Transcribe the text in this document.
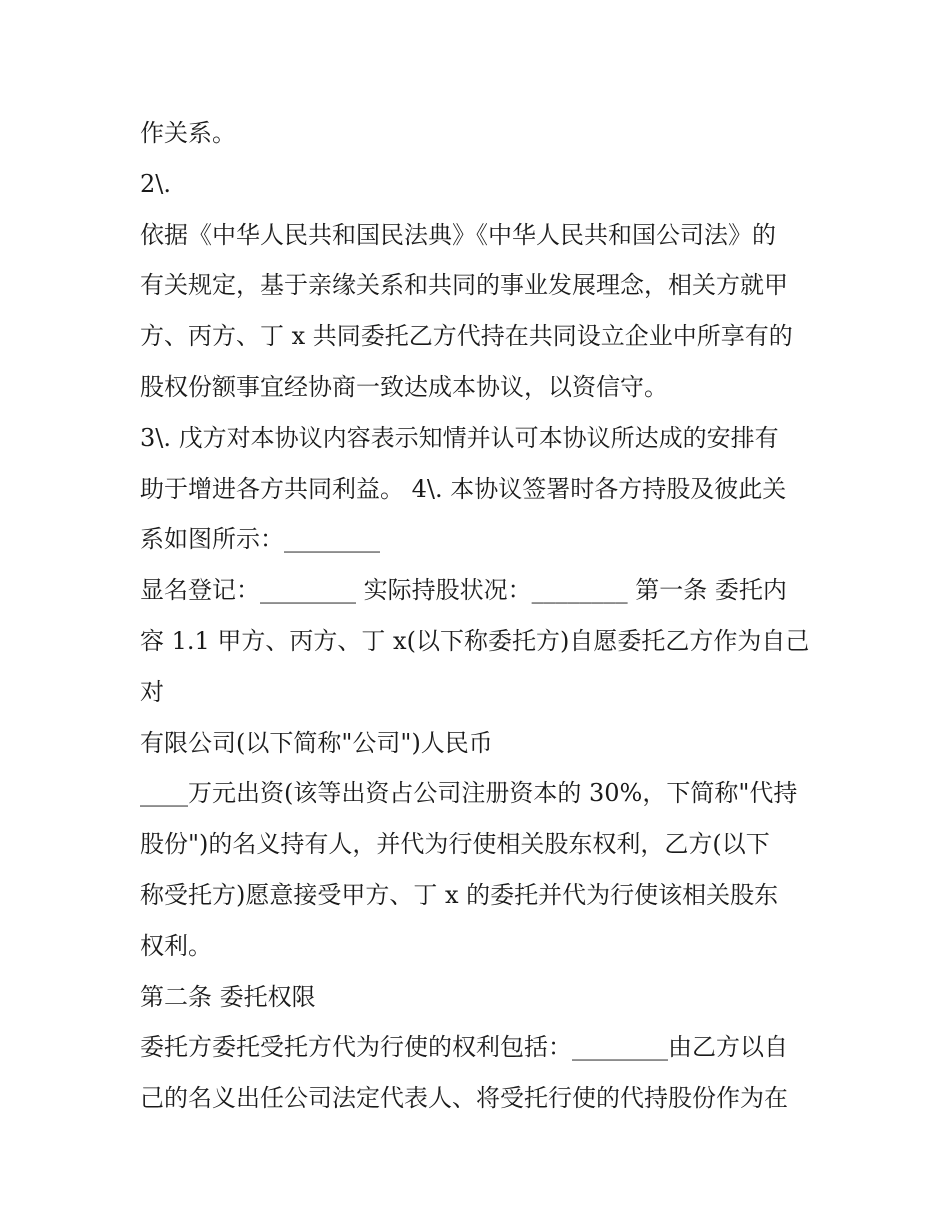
作关系。
2\.
依据《中华人民共和国民法典》《中华人民共和国公司法》的
有关规定，基于亲缘关系和共同的事业发展理念，相关方就甲
方、丙方、丁 x 共同委托乙方代持在共同设立企业中所享有的
股权份额事宜经协商一致达成本协议，以资信守。
3\. 戊方对本协议内容表示知情并认可本协议所达成的安排有
助于增进各方共同利益。 4\. 本协议签署时各方持股及彼此关
系如图所示：________
显名登记：________ 实际持股状况：________ 第一条 委托内
容 1.1 甲方、丙方、丁 x(以下称委托方)自愿委托乙方作为自己
对
有限公司(以下简称"公司")人民币
____万元出资(该等出资占公司注册资本的 30%，下简称"代持
股份")的名义持有人，并代为行使相关股东权利，乙方(以下
称受托方)愿意接受甲方、丁 x 的委托并代为行使该相关股东
权利。
第二条 委托权限
委托方委托受托方代为行使的权利包括：________由乙方以自
己的名义出任公司法定代表人、将受托行使的代持股份作为在
